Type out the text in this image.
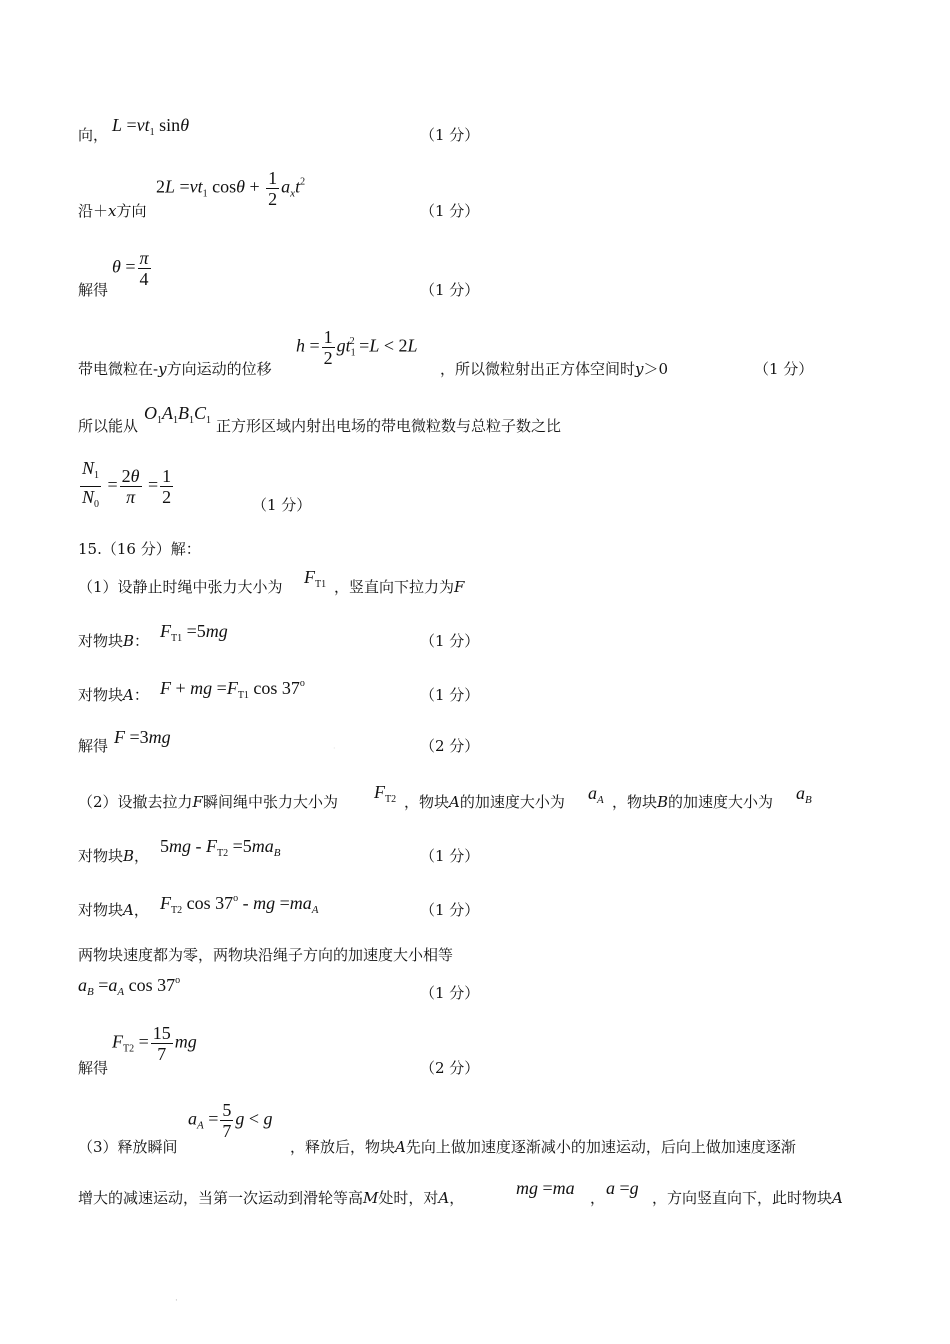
向， $L =vt_1$ sinθ	（1 分）
沿＋x方向
$2L =vt_1$ $\cos\theta + \frac{1}{2} a_xt^2$
（1 分）
解得
$\theta = \frac{\pi}{4}$
（1 分）
带电微粒在-y方向运动的位移
$h = \frac{1}{2} gt_1^2 =L < 2L$
，所以微粒射出正方体空间时y＞0	（1 分）
所以能从
$O_1A_1B_1C_1$ 正方形区域内射出电场的带电微粒数与总粒子数之比
$\frac{N_1}{N_0} = \frac{2\theta}{\pi} = \frac{1}{2}$	（1 分）
15.（16 分）解：
（1）设静止时绳中张力大小为 $F_{T1}$ ，竖直向下拉力为F
对物块B： $F_{T1} =5mg$	（1 分）
对物块A： F + mg $=F_{T1}$ cos 37$^o$
（1 分）
解得 F =3mg	（2 分）
（2）设撤去拉力F瞬间绳中张力大小为 $F_{T2}$ ，物块A的加速度大小为 $a_A$ ，物块B的加速度大小为 $a_B$
对物块B， $5mg - F_{T2} =5ma_B$	（1 分）
对物块A， $F_{T2}$ cos 37$^o$ - mg $=ma_A$	（1 分）
两物块速度都为零，两物块沿绳子方向的加速度大小相等
$a_B =a_A$ cos 37$^o$
（1 分）
解得
$F_{T2} = \frac{15}{7}$ mg
（2 分）
（3）释放瞬间
$a_A = \frac{5}{7}$ g < g
，释放后，物块A先向上做加速度逐渐减小的加速运动，后向上做加速度逐渐
增大的减速运动，当第一次运动到滑轮等高M处时，对A，	mg =ma ， a =g ，方向竖直向下，此时物块A
·
·
